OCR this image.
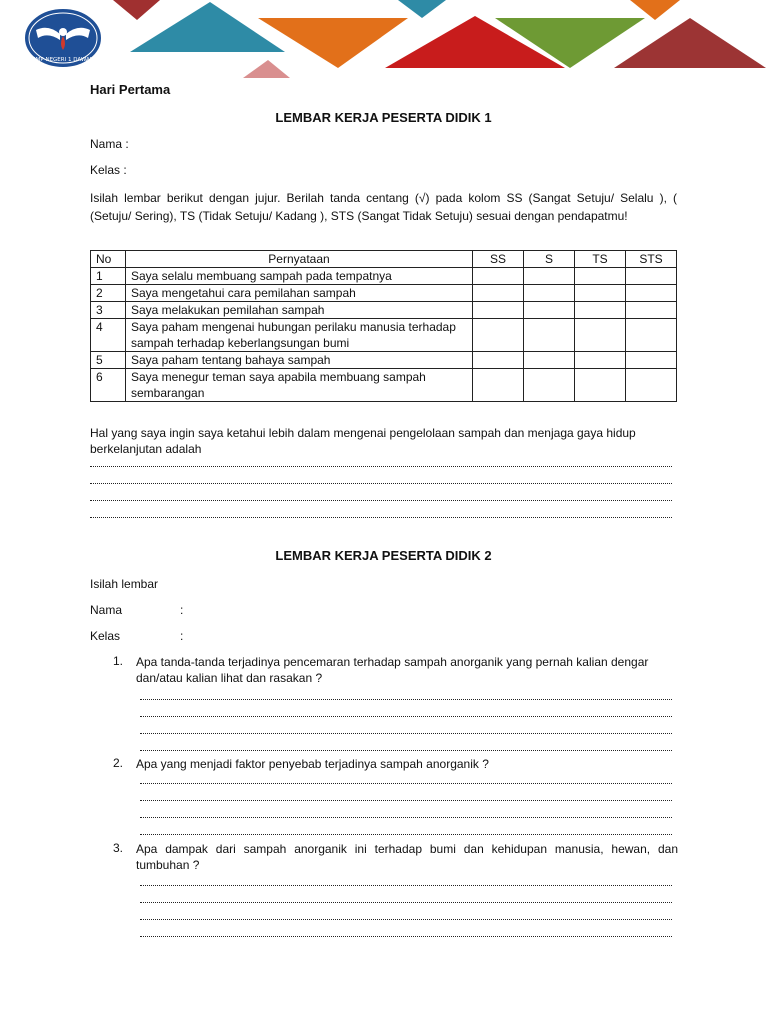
SMP NEGERI 1 DAWAN
Hari Pertama
LEMBAR KERJA PESERTA DIDIK 1
Nama :
Kelas :
Isilah lembar berikut dengan jujur. Berilah tanda centang (√) pada kolom SS (Sangat Setuju/ Selalu ), ( (Setuju/ Sering), TS (Tidak Setuju/ Kadang ), STS (Sangat Tidak Setuju) sesuai dengan pendapatmu!
No	Pernyataan	SS	S	TS	STS
1	Saya selalu membuang sampah pada tempatnya				
2	Saya mengetahui cara pemilahan sampah				
3	Saya melakukan pemilahan sampah				
4	Saya paham mengenai hubungan perilaku manusia terhadap sampah terhadap keberlangsungan bumi				
5	Saya paham tentang bahaya sampah				
6	Saya menegur teman saya apabila membuang sampah sembarangan				
Hal yang saya ingin saya ketahui lebih dalam mengenai pengelolaan sampah dan menjaga gaya hidup berkelanjutan adalah
LEMBAR KERJA PESERTA DIDIK 2
Isilah lembar
Nama	:
Kelas	:
1. Apa tanda-tanda terjadinya pencemaran terhadap sampah anorganik yang pernah kalian dengar dan/atau kalian lihat dan rasakan ?
2. Apa yang menjadi faktor penyebab terjadinya sampah anorganik ?
3. Apa dampak dari sampah anorganik ini terhadap bumi dan kehidupan manusia, hewan, dan tumbuhan ?
